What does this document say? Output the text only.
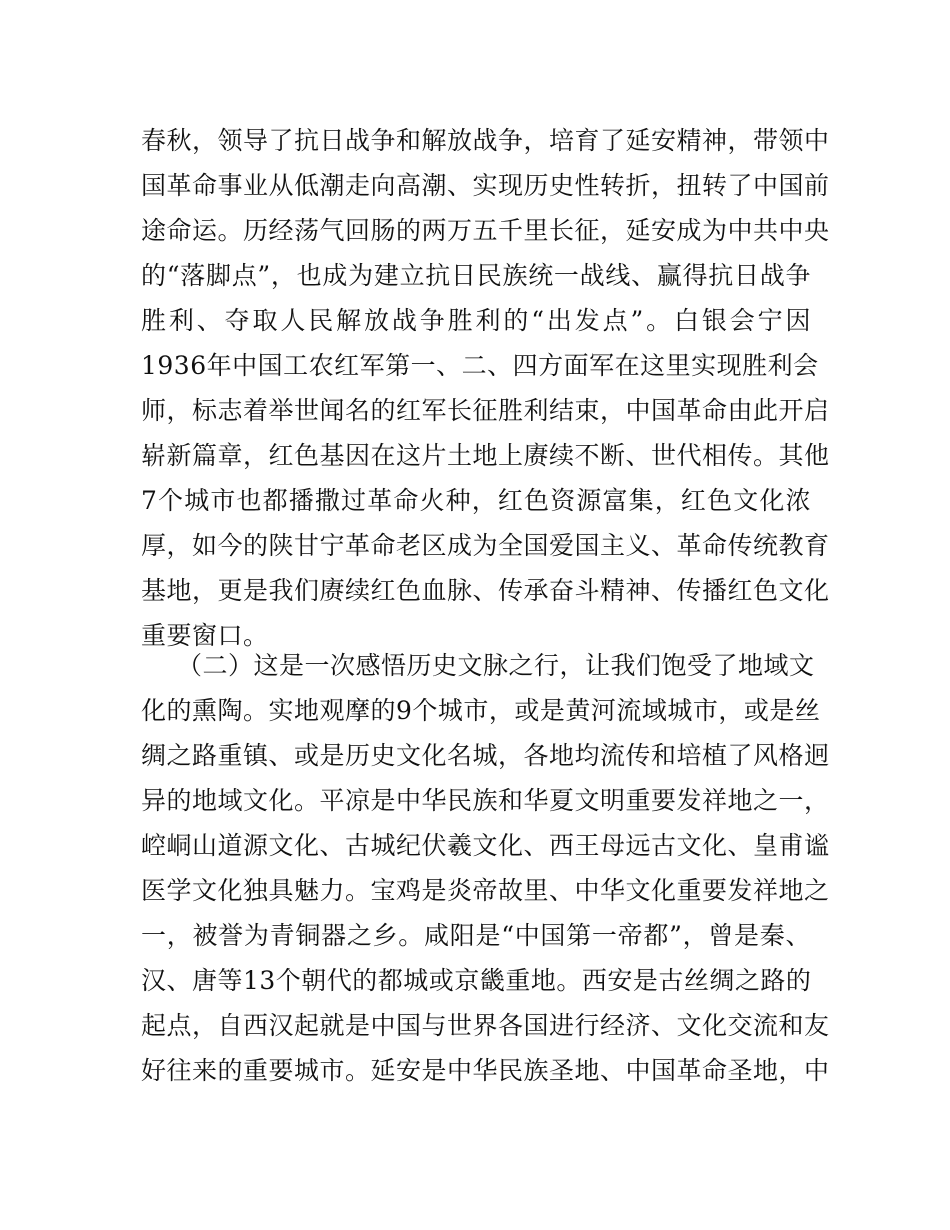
春秋，领导了抗日战争和解放战争，培育了延安精神，带领中
国革命事业从低潮走向高潮、实现历史性转折，扭转了中国前
途命运。历经荡气回肠的两万五千里长征，延安成为中共中央
的“落脚点”，也成为建立抗日民族统一战线、赢得抗日战争
胜利、夺取人民解放战争胜利的“出发点”。白银会宁因
1936年中国工农红军第一、二、四方面军在这里实现胜利会
师，标志着举世闻名的红军长征胜利结束，中国革命由此开启
崭新篇章，红色基因在这片土地上赓续不断、世代相传。其他
7个城市也都播撒过革命火种，红色资源富集，红色文化浓
厚，如今的陕甘宁革命老区成为全国爱国主义、革命传统教育
基地，更是我们赓续红色血脉、传承奋斗精神、传播红色文化
重要窗口。
（二）这是一次感悟历史文脉之行，让我们饱受了地域文
化的熏陶。实地观摩的9个城市，或是黄河流域城市，或是丝
绸之路重镇、或是历史文化名城，各地均流传和培植了风格迥
异的地域文化。平凉是中华民族和华夏文明重要发祥地之一，
崆峒山道源文化、古城纪伏羲文化、西王母远古文化、皇甫谧
医学文化独具魅力。宝鸡是炎帝故里、中华文化重要发祥地之
一，被誉为青铜器之乡。咸阳是“中国第一帝都”，曾是秦、
汉、唐等13个朝代的都城或京畿重地。西安是古丝绸之路的
起点，自西汉起就是中国与世界各国进行经济、文化交流和友
好往来的重要城市。延安是中华民族圣地、中国革命圣地，中
